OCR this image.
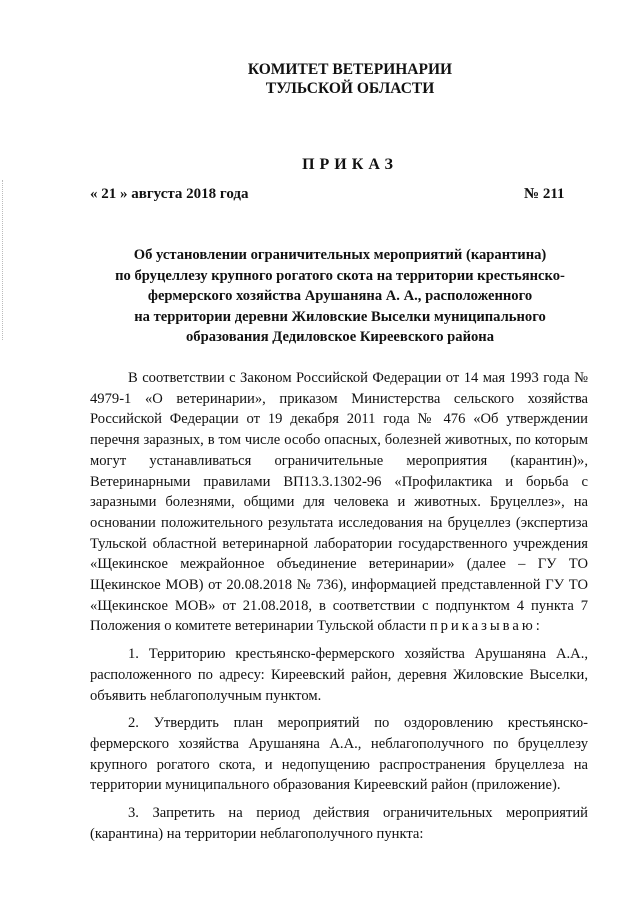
КОМИТЕТ ВЕТЕРИНАРИИ
ТУЛЬСКОЙ ОБЛАСТИ
ПРИКАЗ
« 21 » августа 2018 года	№ 211
Об установлении ограничительных мероприятий (карантина)
по бруцеллезу крупного рогатого скота на территории крестьянско-
фермерского хозяйства Арушаняна А. А., расположенного
на территории деревни Жиловские Выселки муниципального
образования Дедиловское Киреевского района

В соответствии с Законом Российской Федерации от 14 мая 1993 года № 4979-1 «О ветеринарии», приказом Министерства сельского хозяйства Российской Федерации от 19 декабря 2011 года № 476 «Об утверждении перечня заразных, в том числе особо опасных, болезней животных, по которым могут устанавливаться ограничительные мероприятия (карантин)», Ветеринарными правилами ВП13.3.1302-96 «Профилактика и борьба с заразными болезнями, общими для человека и животных. Бруцеллез», на основании положительного результата исследования на бруцеллез (экспертиза Тульской областной ветеринарной лаборатории государственного учреждения «Щекинское межрайонное объединение ветеринарии» (далее – ГУ ТО Щекинское МОВ) от 20.08.2018 № 736), информацией представленной ГУ ТО «Щекинское МОВ» от 21.08.2018, в соответствии с подпунктом 4 пункта 7 Положения о комитете ветеринарии Тульской области приказываю:

1. Территорию крестьянско-фермерского хозяйства Арушаняна А.А., расположенного по адресу: Киреевский район, деревня Жиловские Выселки, объявить неблагополучным пунктом.

2. Утвердить план мероприятий по оздоровлению крестьянско-фермерского хозяйства Арушаняна А.А., неблагополучного по бруцеллезу крупного рогатого скота, и недопущению распространения бруцеллеза на территории муниципального образования Киреевский район (приложение).

3. Запретить на период действия ограничительных мероприятий (карантина) на территории неблагополучного пункта:
